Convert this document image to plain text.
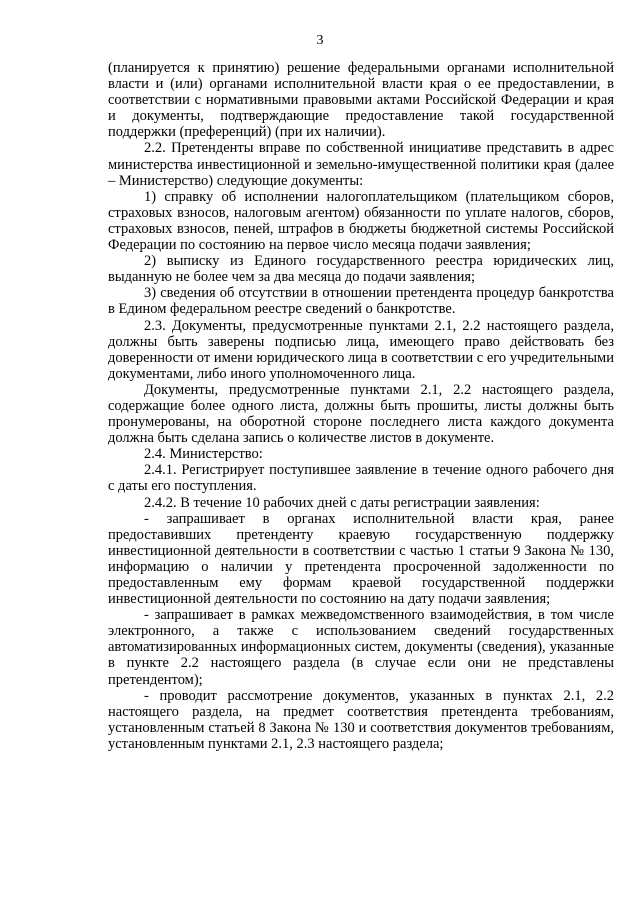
3

(планируется к принятию) решение федеральными органами исполнительной власти и (или) органами исполнительной власти края о ее предоставлении, в соответствии с нормативными правовыми актами Российской Федерации и края и документы, подтверждающие предоставление такой государственной поддержки (преференций) (при их наличии).

2.2. Претенденты вправе по собственной инициативе представить в адрес министерства инвестиционной и земельно-имущественной политики края (далее – Министерство) следующие документы:

1) справку об исполнении налогоплательщиком (плательщиком сборов, страховых взносов, налоговым агентом) обязанности по уплате налогов, сборов, страховых взносов, пеней, штрафов в бюджеты бюджетной системы Российской Федерации по состоянию на первое число месяца подачи заявления;

2) выписку из Единого государственного реестра юридических лиц, выданную не более чем за два месяца до подачи заявления;

3) сведения об отсутствии в отношении претендента процедур банкротства в Едином федеральном реестре сведений о банкротстве.

2.3. Документы, предусмотренные пунктами 2.1, 2.2 настоящего раздела, должны быть заверены подписью лица, имеющего право действовать без доверенности от имени юридического лица в соответствии с его учредительными документами, либо иного уполномоченного лица.

Документы, предусмотренные пунктами 2.1, 2.2 настоящего раздела, содержащие более одного листа, должны быть прошиты, листы должны быть пронумерованы, на оборотной стороне последнего листа каждого документа должна быть сделана запись о количестве листов в документе.

2.4. Министерство:

2.4.1. Регистрирует поступившее заявление в течение одного рабочего дня с даты его поступления.

2.4.2. В течение 10 рабочих дней с даты регистрации заявления:

- запрашивает в органах исполнительной власти края, ранее предоставивших претенденту краевую государственную поддержку инвестиционной деятельности в соответствии с частью 1 статьи 9 Закона № 130, информацию о наличии у претендента просроченной задолженности по предоставленным ему формам краевой государственной поддержки инвестиционной деятельности по состоянию на дату подачи заявления;

- запрашивает в рамках межведомственного взаимодействия, в том числе электронного, а также с использованием сведений государственных автоматизированных информационных систем, документы (сведения), указанные в пункте 2.2 настоящего раздела (в случае если они не представлены претендентом);

- проводит рассмотрение документов, указанных в пунктах 2.1, 2.2 настоящего раздела, на предмет соответствия претендента требованиям, установленным статьей 8 Закона № 130 и соответствия документов требованиям, установленным пунктами 2.1, 2.3 настоящего раздела;
